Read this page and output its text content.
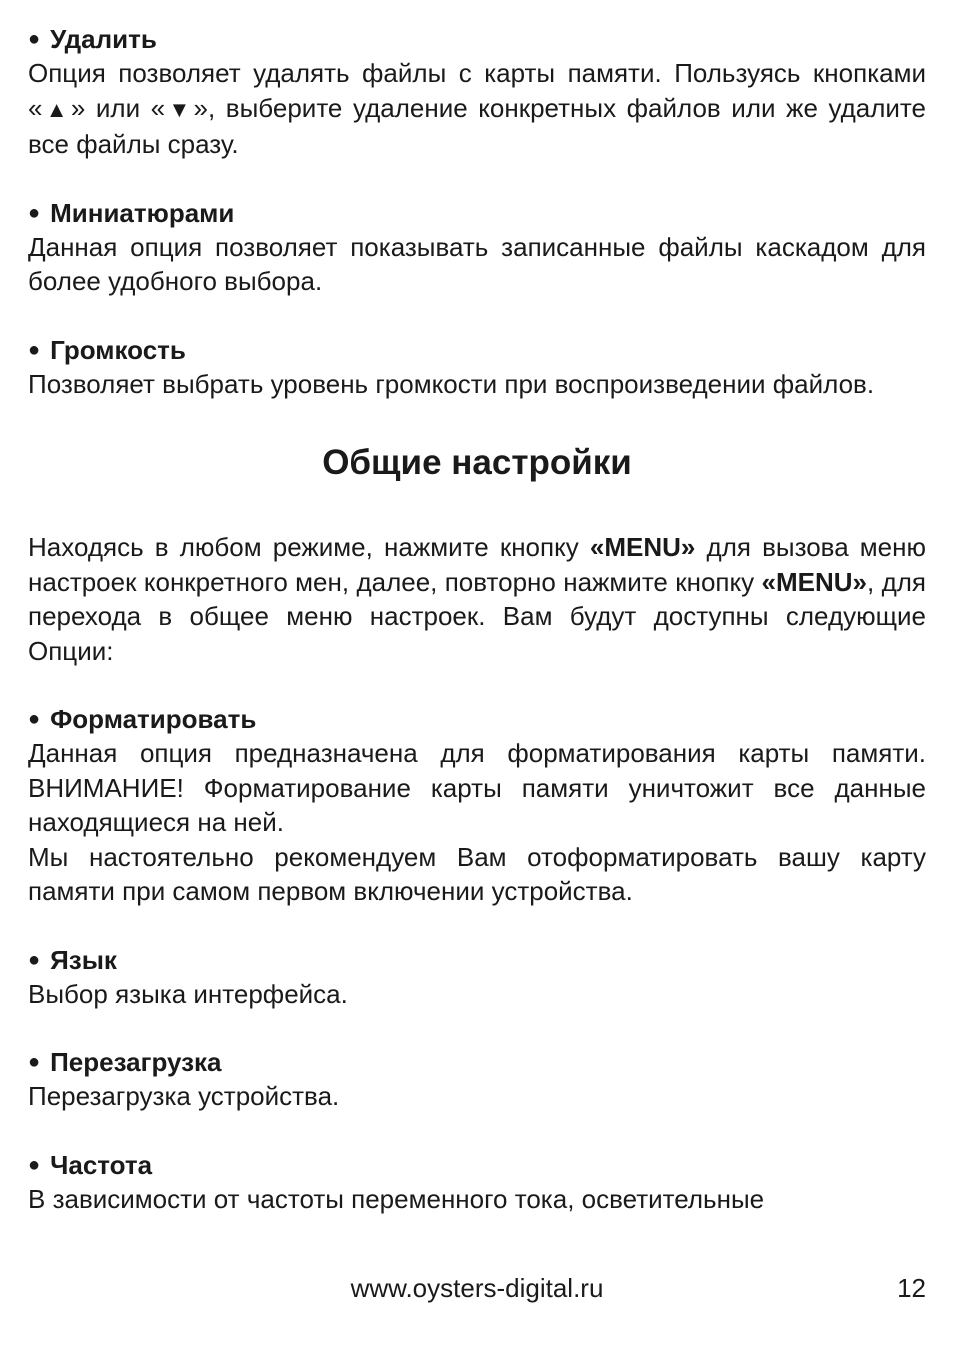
● Удалить

Опция позволяет удалять файлы с карты памяти. Пользуясь кнопками «▲» или «▼», выберите удаление конкретных файлов или же удалите все файлы сразу.

● Миниатюрами

Данная опция позволяет показывать записанные файлы каскадом для более удобного выбора.

● Громкость

Позволяет выбрать уровень громкости при воспроизведении файлов.

Общие настройки

Находясь в любом режиме, нажмите кнопку «MENU» для вызова меню настроек конкретного мен, далее, повторно нажмите кнопку «MENU», для перехода в общее меню настроек. Вам будут доступны следующие Опции:

● Форматировать

Данная опция предназначена для форматирования карты памяти. ВНИМАНИЕ! Форматирование карты памяти уничтожит все данные находящиеся на ней.

Мы настоятельно рекомендуем Вам отоформатировать вашу карту памяти при самом первом включении устройства.

● Язык

Выбор языка интерфейса.

● Перезагрузка

Перезагрузка устройства.

● Частота

В зависимости от частоты переменного тока, осветительные

www.oysters-digital.ru	12
